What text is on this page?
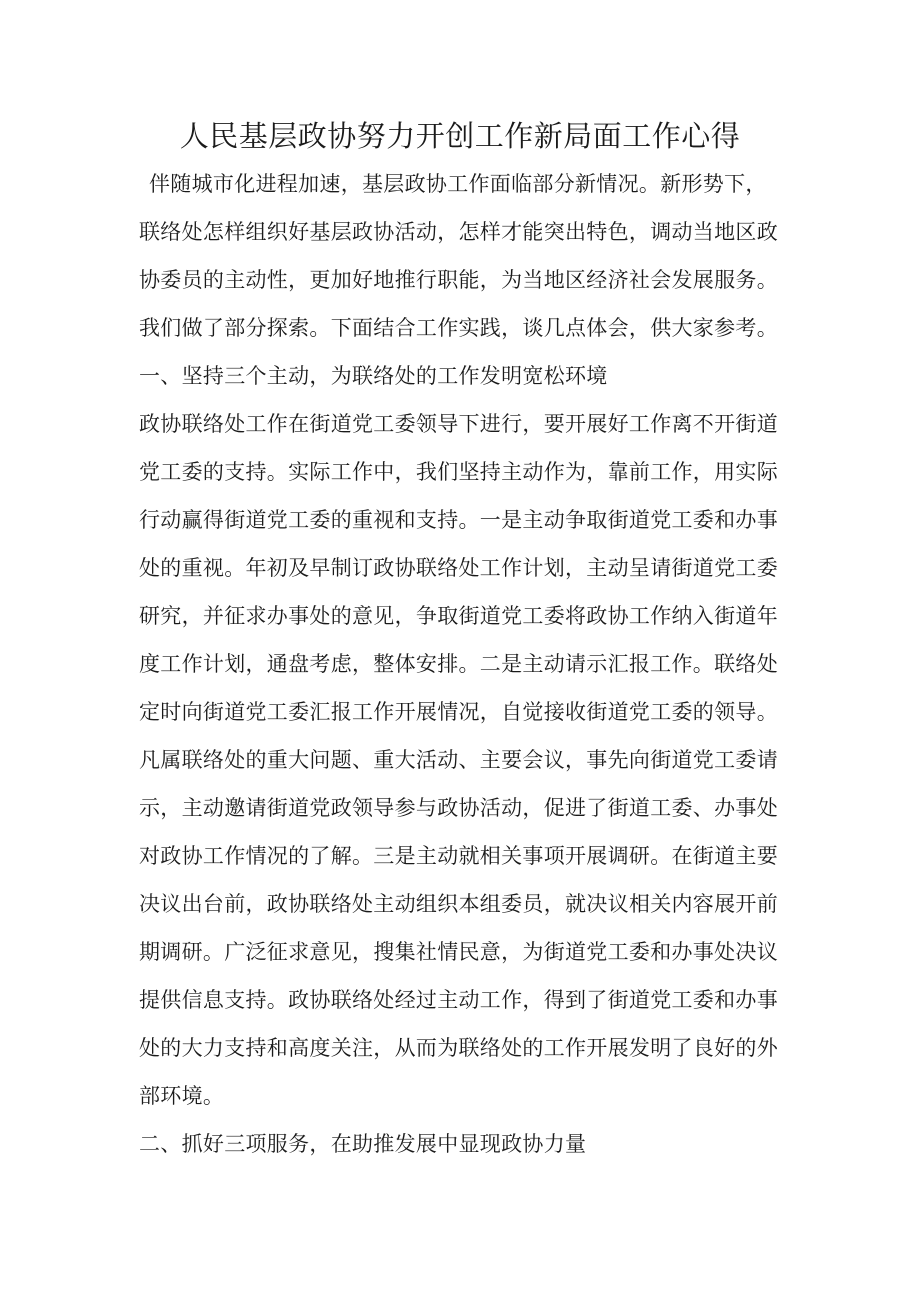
人民基层政协努力开创工作新局面工作心得
伴随城市化进程加速，基层政协工作面临部分新情况。新形势下，
联络处怎样组织好基层政协活动，怎样才能突出特色，调动当地区政
协委员的主动性，更加好地推行职能，为当地区经济社会发展服务。
我们做了部分探索。下面结合工作实践，谈几点体会，供大家参考。
一、坚持三个主动，为联络处的工作发明宽松环境
政协联络处工作在街道党工委领导下进行，要开展好工作离不开街道
党工委的支持。实际工作中，我们坚持主动作为，靠前工作，用实际
行动赢得街道党工委的重视和支持。一是主动争取街道党工委和办事
处的重视。年初及早制订政协联络处工作计划，主动呈请街道党工委
研究，并征求办事处的意见，争取街道党工委将政协工作纳入街道年
度工作计划，通盘考虑，整体安排。二是主动请示汇报工作。联络处
定时向街道党工委汇报工作开展情况，自觉接收街道党工委的领导。
凡属联络处的重大问题、重大活动、主要会议，事先向街道党工委请
示，主动邀请街道党政领导参与政协活动，促进了街道工委、办事处
对政协工作情况的了解。三是主动就相关事项开展调研。在街道主要
决议出台前，政协联络处主动组织本组委员，就决议相关内容展开前
期调研。广泛征求意见，搜集社情民意，为街道党工委和办事处决议
提供信息支持。政协联络处经过主动工作，得到了街道党工委和办事
处的大力支持和高度关注，从而为联络处的工作开展发明了良好的外
部环境。
二、抓好三项服务，在助推发展中显现政协力量
